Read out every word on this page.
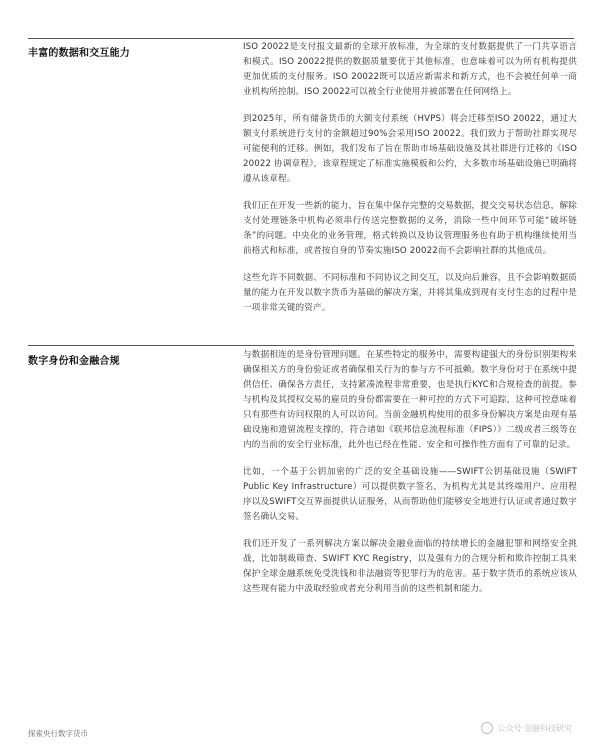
丰富的数据和交互能力

ISO 20022是支付报文最新的全球开放标准，为全球的支付数据提供了一门共享语言和模式。ISO 20022提供的数据质量要优于其他标准，也意味着可以为所有机构提供更加优质的支付服务。ISO 20022既可以适应新需求和新方式，也不会被任何单一商业机构所控制。ISO 20022可以被全行业使用并被部署在任何网络上。

到2025年，所有储备货币的大额支付系统（HVPS）将会迁移至ISO 20022，通过大额支付系统进行支付的金额超过90%会采用ISO 20022。我们致力于帮助社群实现尽可能便利的迁移。例如，我们发布了旨在帮助市场基础设施及其社群进行迁移的《ISO 20022 协调章程》，该章程规定了标准实施模板和公约，大多数市场基础设施已明确将遵从该章程。

我们正在开发一些新的能力，旨在集中保存完整的交易数据，提交交易状态信息，解除支付处理链条中机构必须串行传送完整数据的义务，消除一些中间环节可能“破坏链条”的问题。中央化的业务管理，格式转换以及协议管理服务也有助于机构继续使用当前格式和标准，或者按自身的节奏实施ISO 20022而不会影响社群的其他成员。

这些允许不同数据、不同标准和不同协议之间交互，以及向后兼容，且不会影响数据质量的能力在开发以数字货币为基础的解决方案，并将其集成到现有支付生态的过程中是一项非常关键的资产。

数字身份和金融合规

与数据相连的是身份管理问题。在某些特定的服务中，需要构建强大的身份识别架构来确保相关方的身份验证或者确保相关行为的参与方不可抵赖。数字身份对于在系统中提供信任、确保各方责任，支持紧凑流程非常重要，也是执行KYC和合规检查的前提。参与机构及其授权交易的雇员的身份都需要在一种可控的方式下可追踪，这种可控意味着只有那些有访问权限的人可以访问。当前金融机构使用的很多身份解决方案是由现有基础设施和遗留流程支撑的，符合诸如《联邦信息流程标准（FIPS）》二级或者三级等在内的当前的安全行业标准，此外也已经在性能、安全和可操作性方面有了可靠的记录。

比如，一个基于公钥加密的广泛的安全基础设施——SWIFT公钥基础设施（SWIFT Public Key Infrastructure）可以提供数字签名，为机构尤其是其终端用户、应用程序以及SWIFT交互界面提供认证服务，从而帮助他们能够安全地进行认证或者通过数字签名确认交易。

我们还开发了一系列解决方案以解决金融业面临的持续增长的金融犯罪和网络安全挑战，比如制裁筛查、SWIFT KYC Registry，以及强有力的合规分析和欺诈控制工具来保护全球金融系统免受洗钱和非法融资等犯罪行为的危害。基于数字货币的系统应该从这些现有能力中汲取经验或者充分利用当前的这些机制和能力。

探索央行数字货币
公众号·金融科技研究
